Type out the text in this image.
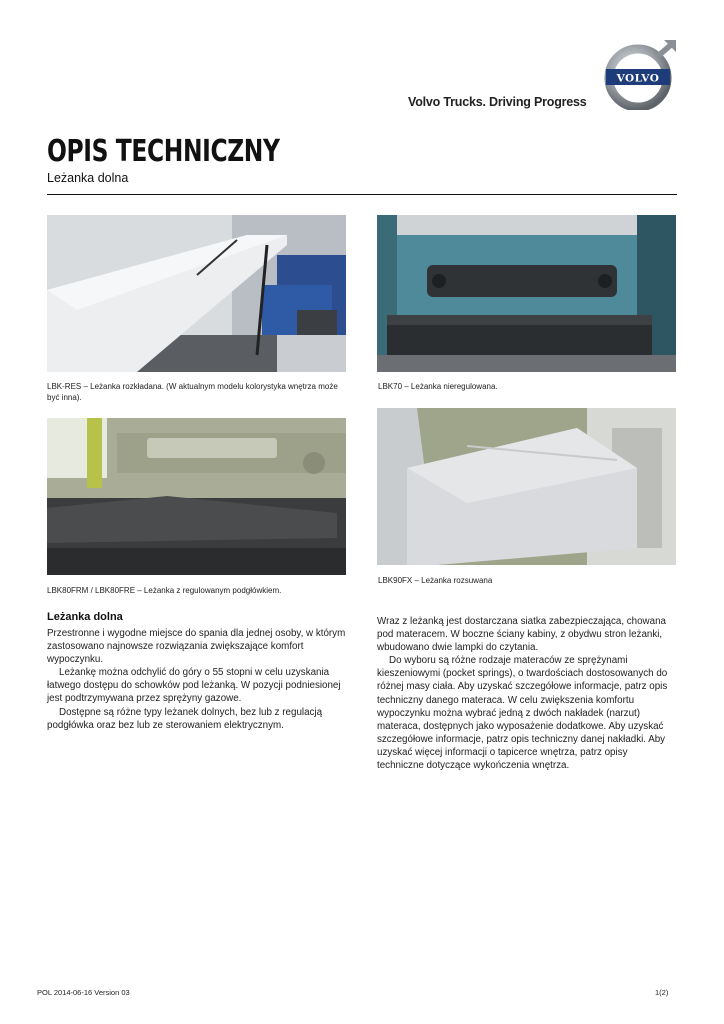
Volvo Trucks. Driving Progress
VOLVO
OPIS TECHNICZNY
Leżanka dolna
LBK-RES – Leżanka rozkładana. (W aktualnym modelu kolorystyka wnętrza może być inna).
LBK70 – Leżanka nieregulowana.
LBK80FRM / LBK80FRE – Leżanka z regulowanym podgłówkiem.
LBK90FX – Leżanka rozsuwana
Leżanka dolna

Przestronne i wygodne miejsce do spania dla jednej osoby, w którym zastosowano najnowsze rozwiązania zwiększające komfort wypoczynku.

Leżankę można odchylić do góry o 55 stopni w celu uzyskania łatwego dostępu do schowków pod leżanką. W pozycji podniesionej jest podtrzymywana przez sprężyny gazowe.

Dostępne są różne typy leżanek dolnych, bez lub z regulacją podgłówka oraz bez lub ze sterowaniem elektrycznym.

Wraz z leżanką jest dostarczana siatka zabezpieczająca, chowana pod materacem. W boczne ściany kabiny, z obydwu stron leżanki, wbudowano dwie lampki do czytania.

Do wyboru są różne rodzaje materaców ze sprężynami kieszeniowymi (pocket springs), o twardościach dostosowanych do różnej masy ciała. Aby uzyskać szczegółowe informacje, patrz opis techniczny danego materaca. W celu zwiększenia komfortu wypoczynku można wybrać jedną z dwóch nakładek (narzut) materaca, dostępnych jako wyposażenie dodatkowe. Aby uzyskać szczegółowe informacje, patrz opis techniczny danej nakładki. Aby uzyskać więcej informacji o tapicerce wnętrza, patrz opisy techniczne dotyczące wykończenia wnętrza.

POL 2014-06-16 Version 03	1(2)
